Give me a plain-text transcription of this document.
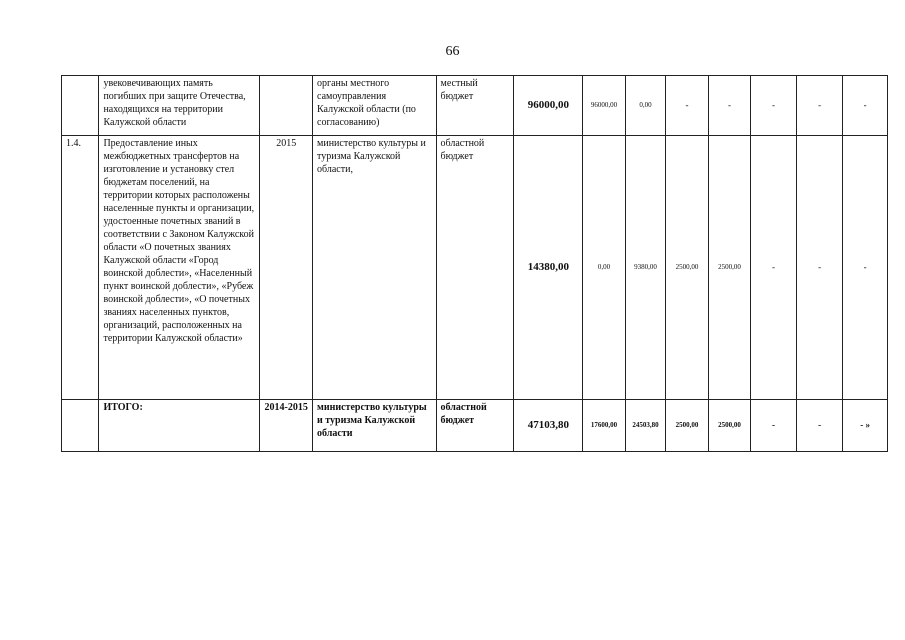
66
	увековечивающих память погибших при защите Отечества, находящихся на территории Калужской области		органы местного самоуправления Калужской области (по согласованию)	местный бюджет	96000,00	96000,00	0,00	-	-	-	-	-
1.4.	Предоставление иных межбюджетных трансфертов на изготовление и установку стел бюджетам поселений, на территории которых расположены населенные пункты и организации, удостоенные почетных званий в соответствии с Законом Калужской области «О почетных званиях Калужской области «Город воинской доблести», «Населенный пункт воинской доблести», «Рубеж воинской доблести», «О почетных званиях населенных пунктов, организаций, расположенных на территории Калужской области»	2015	министерство культуры и туризма Калужской области,	областной бюджет	14380,00	0,00	9380,00	2500,00	2500,00	-	-	-
	ИТОГО:	2014-2015	министерство культуры и туризма Калужской области	областной бюджет	47103,80	17600,00	24503,80	2500,00	2500,00	-	-	- »
